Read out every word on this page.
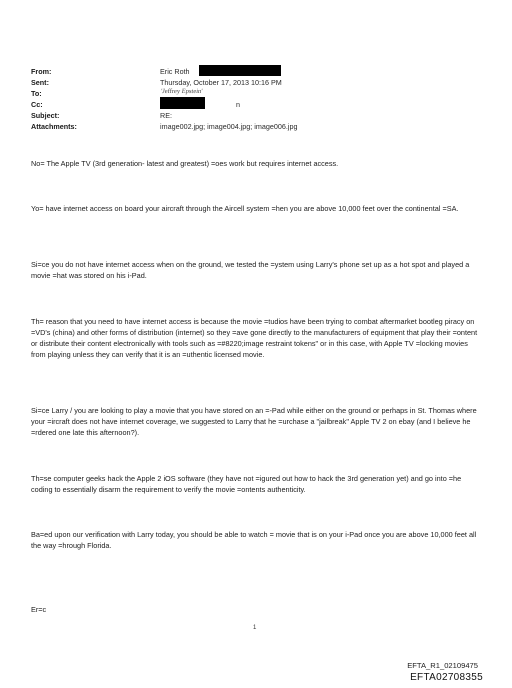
From:	Eric Roth
Sent:	Thursday, October 17, 2013 10:16 PM
To:	'Jeffrey Epstein'
Cc:	n
Subject:	RE:
Attachments:	image002.jpg; image004.jpg; image006.jpg
No= The Apple TV (3rd generation- latest and greatest) =oes work but requires internet access.
Yo= have internet access on board your aircraft through the Aircell system =hen you are above 10,000 feet over the continental =SA.
Si=ce you do not have internet access when on the ground, we tested the =ystem using Larry's phone set up as a hot spot and played a movie =hat was stored on his i-Pad.
Th= reason that you need to have internet access is because the movie =tudios have been trying to combat aftermarket bootleg piracy on =VD's (china) and other forms of distribution (internet) so they =ave gone directly to the manufacturers of equipment that play their =ontent or distribute their content electronically with tools such as =#8220;image restraint tokens" or in this case, with Apple TV =locking movies from playing unless they can verify that it is an =uthentic licensed movie.
Si=ce Larry / you are looking to play a movie that you have stored on an =-Pad while either on the ground or perhaps in St. Thomas where your =ircraft does not have internet coverage, we suggested to Larry that he =urchase a "jailbreak" Apple TV 2 on ebay (and I believe he =rdered one late this afternoon?).
Th=se computer geeks hack the Apple 2 iOS software (they have not =igured out how to hack the 3rd generation yet) and go into =he coding to essentially disarm the requirement to verify the movie =ontents authenticity.
Ba=ed upon our verification with Larry today, you should be able to watch = movie that is on your i-Pad once you are above 10,000 feet all the way =hrough Florida.
Er=c
1
EFTA_R1_02109475
EFTA02708355
